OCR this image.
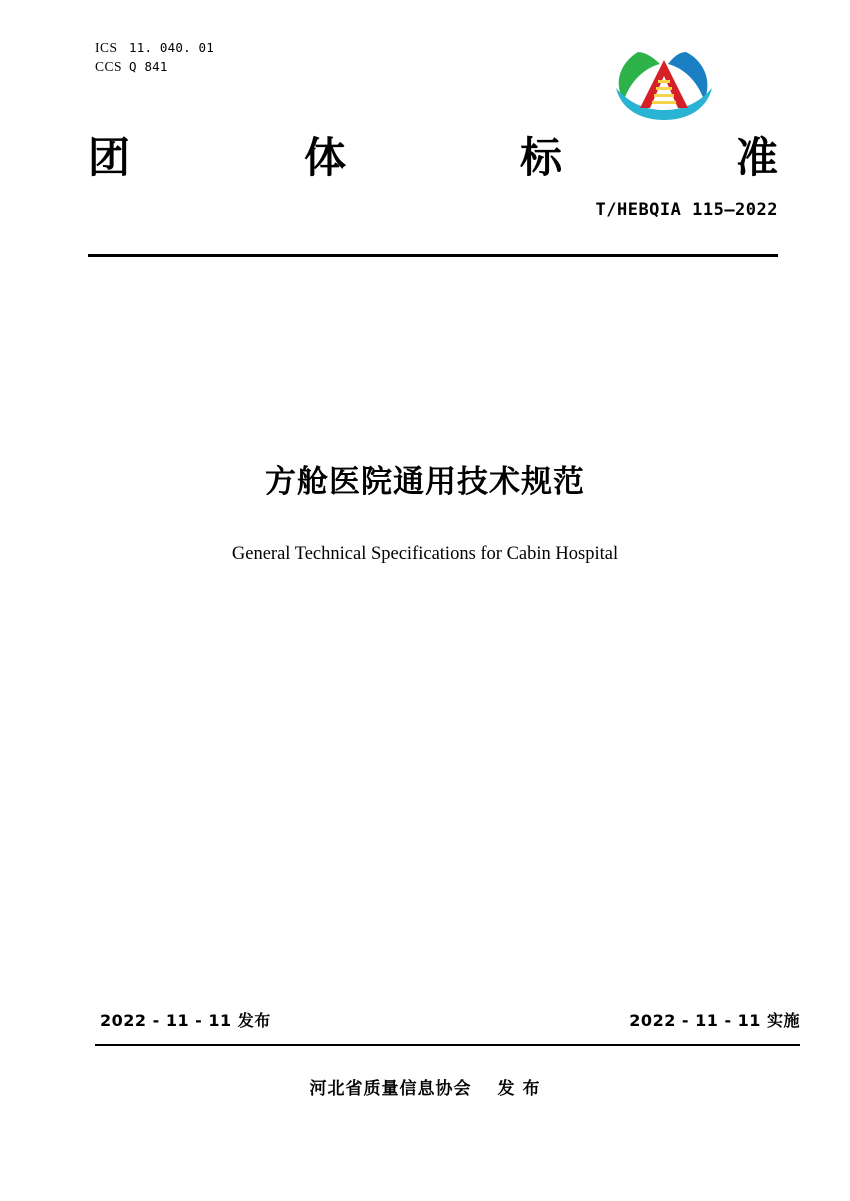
ICS 11. 040. 01
CCS Q 841
团	体	标	准
T/HEBQIA 115—2022
方舱医院通用技术规范
General Technical Specifications for Cabin Hospital
2022 - 11 - 11 发布	2022 - 11 - 11 实施
河北省质量信息协会 发 布
